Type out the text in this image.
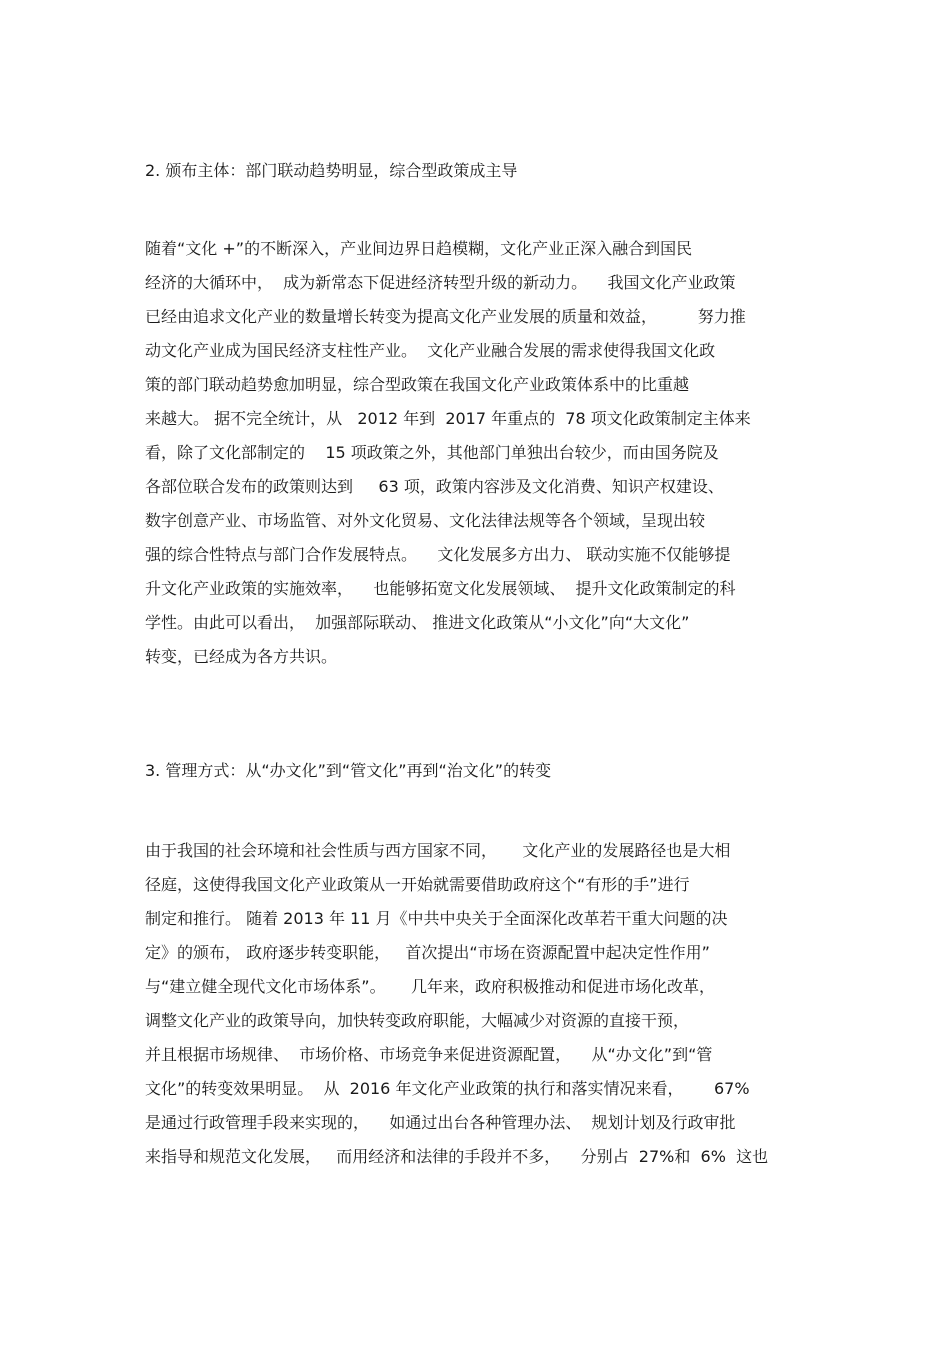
2. 颁布主体：部门联动趋势明显，综合型政策成主导
随着“文化 +”的不断深入，产业间边界日趋模糊，文化产业正深入融合到国民
经济的大循环中，  成为新常态下促进经济转型升级的新动力。    我国文化产业政策
已经由追求文化产业的数量增长转变为提高文化产业发展的质量和效益，        努力推
动文化产业成为国民经济支柱性产业。  文化产业融合发展的需求使得我国文化政
策的部门联动趋势愈加明显，综合型政策在我国文化产业政策体系中的比重越
来越大。 据不完全统计，从   2012 年到  2017 年重点的  78 项文化政策制定主体来
看，除了文化部制定的    15 项政策之外，其他部门单独出台较少，而由国务院及
各部位联合发布的政策则达到     63 项，政策内容涉及文化消费、知识产权建设、
数字创意产业、市场监管、对外文化贸易、文化法律法规等各个领域，呈现出较
强的综合性特点与部门合作发展特点。    文化发展多方出力、 联动实施不仅能够提
升文化产业政策的实施效率，    也能够拓宽文化发展领域、  提升文化政策制定的科
学性。由此可以看出，  加强部际联动、 推进文化政策从“小文化”向“大文化”
转变，已经成为各方共识。
3. 管理方式：从“办文化”到“管文化”再到“治文化”的转变
由于我国的社会环境和社会性质与西方国家不同，     文化产业的发展路径也是大相
径庭，这使得我国文化产业政策从一开始就需要借助政府这个“有形的手”进行
制定和推行。 随着 2013 年 11 月《中共中央关于全面深化改革若干重大问题的决
定》的颁布， 政府逐步转变职能，   首次提出“市场在资源配置中起决定性作用”
与“建立健全现代文化市场体系”。     几年来，政府积极推动和促进市场化改革，
调整文化产业的政策导向，加快转变政府职能，大幅减少对资源的直接干预，
并且根据市场规律、  市场价格、市场竞争来促进资源配置，    从“办文化”到“管
文化”的转变效果明显。  从  2016 年文化产业政策的执行和落实情况来看，      67%
是通过行政管理手段来实现的，    如通过出台各种管理办法、  规划计划及行政审批
来指导和规范文化发展，   而用经济和法律的手段并不多，    分别占  27%和  6%  这也
